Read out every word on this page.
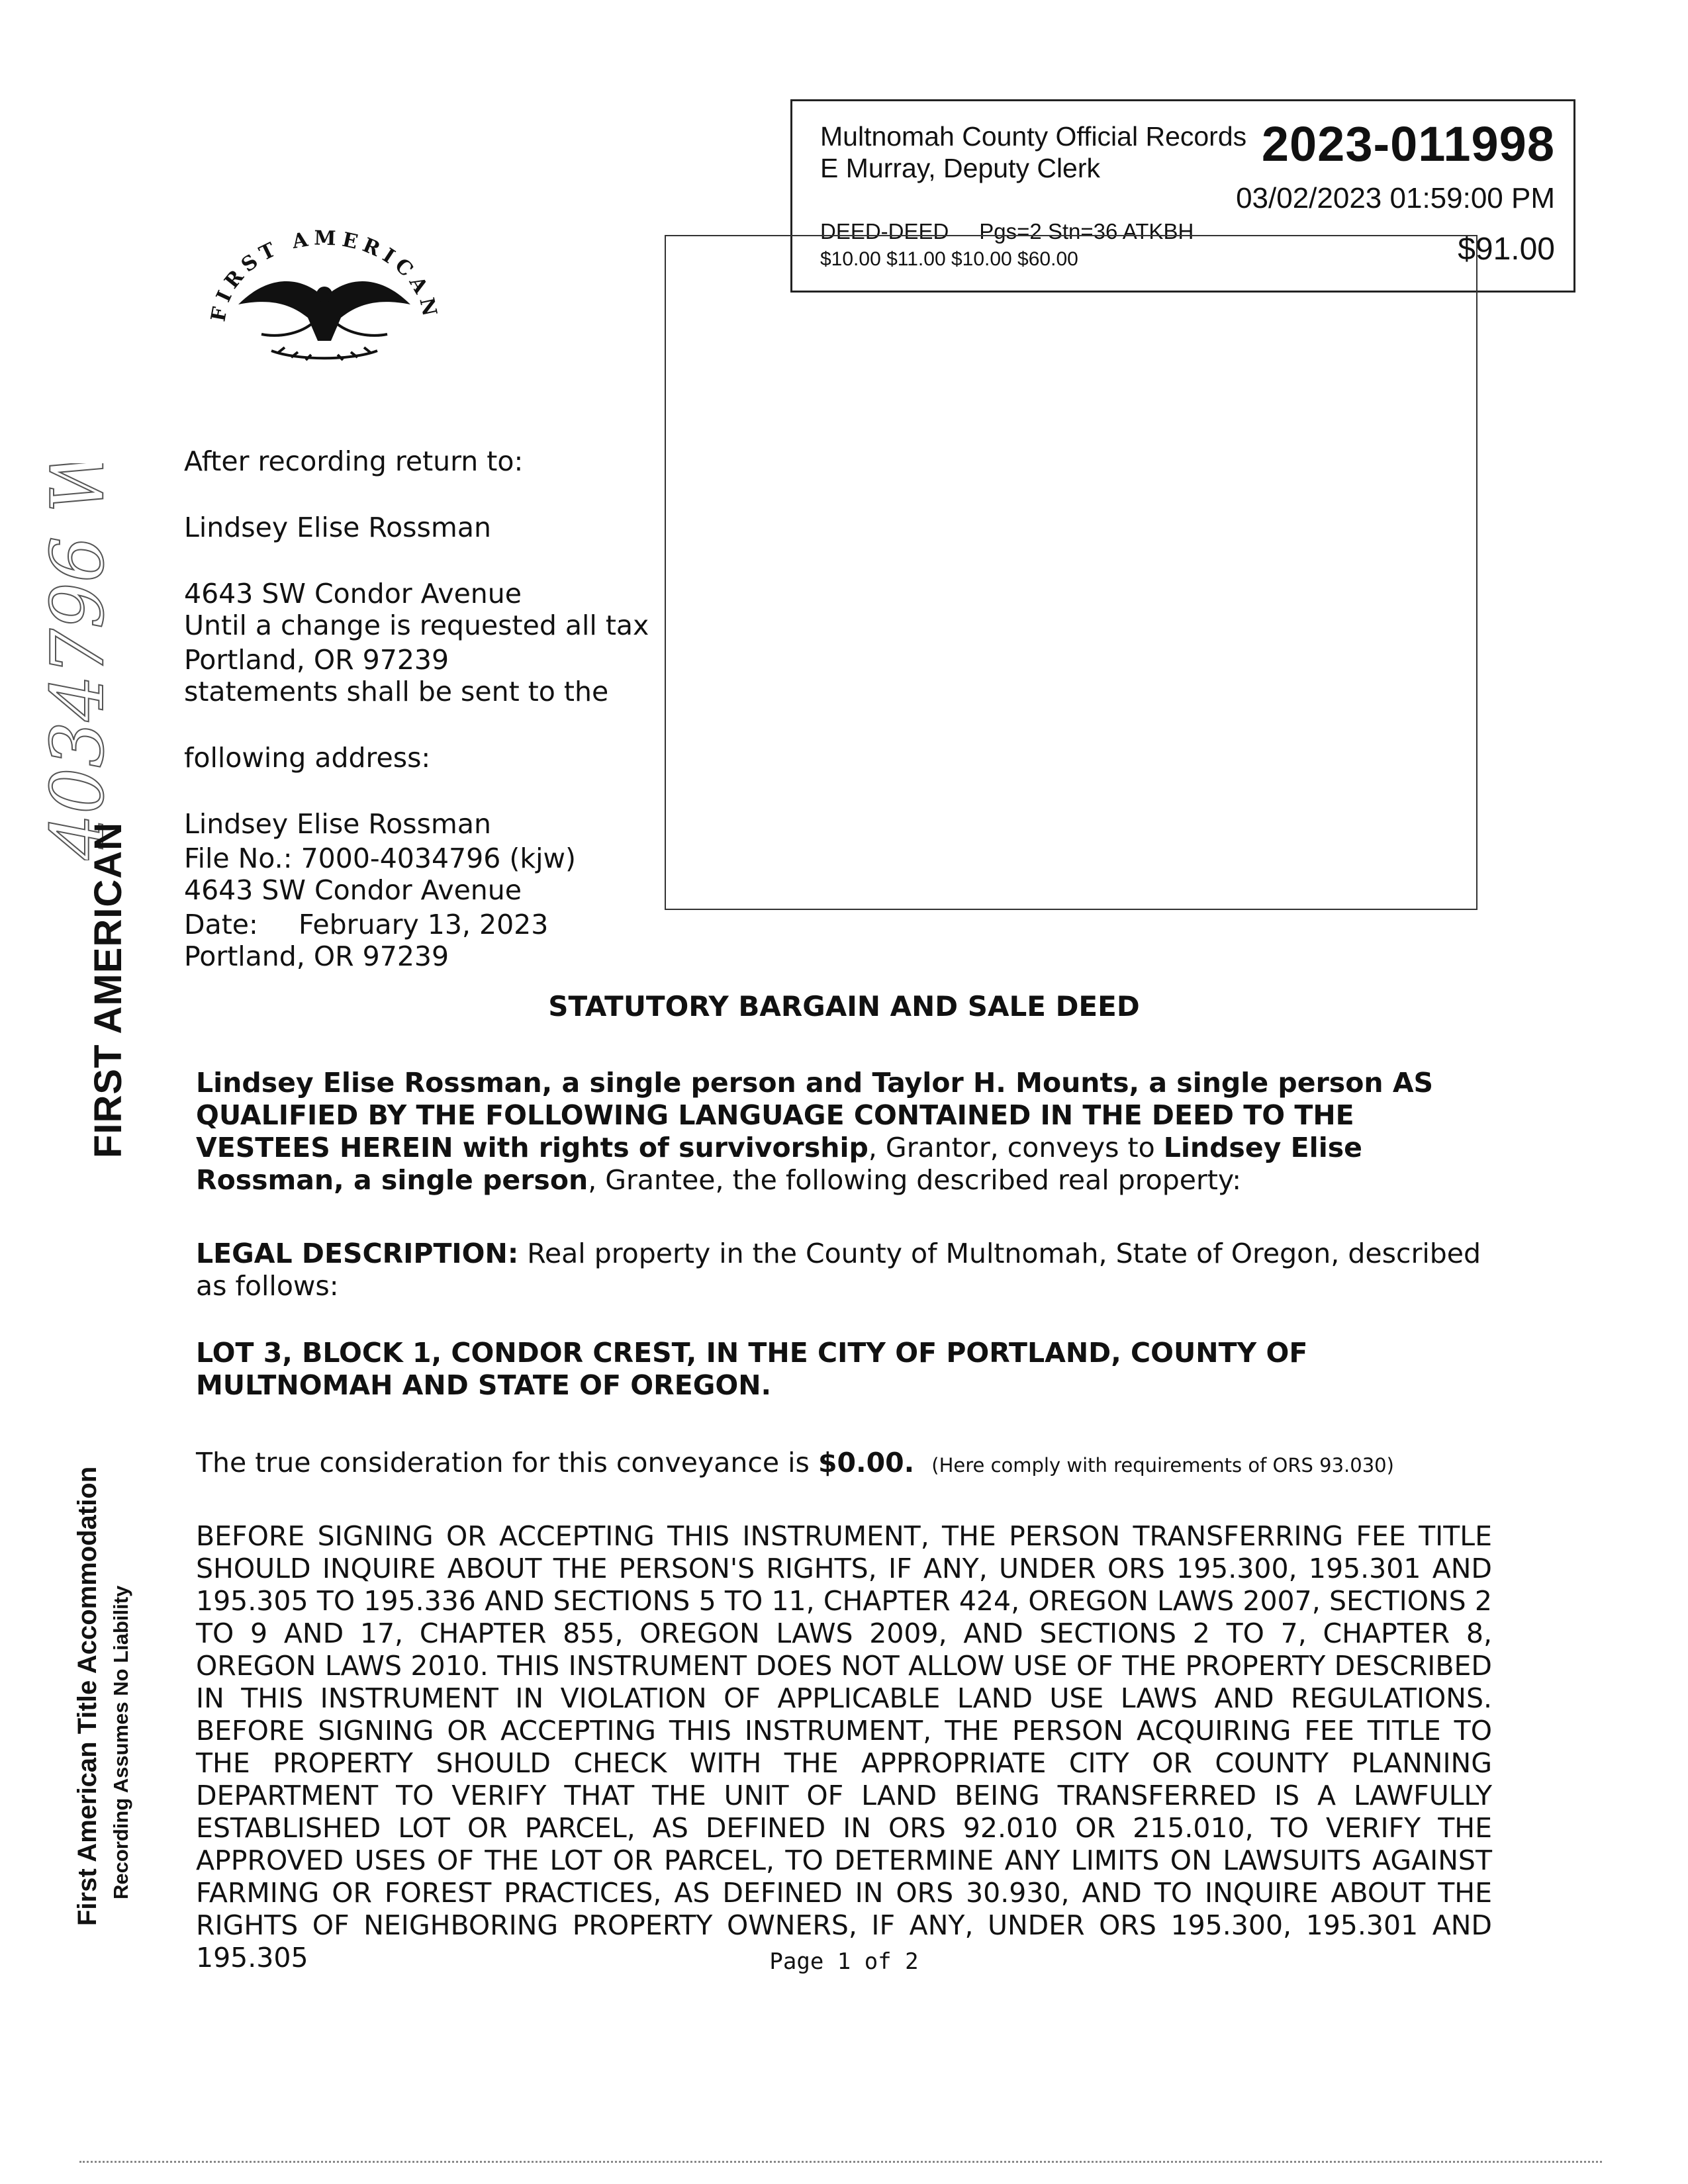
Multnomah County Official Records
E Murray, Deputy Clerk	2023-011998
03/02/2023 01:59:00 PM
DEED-DEED     Pgs=2 Stn=36 ATKBH
$10.00 $11.00 $10.00 $60.00	$91.00
FIRST AMERICAN
4034796 W
FIRST AMERICAN
First American Title Accommodation Recording Assumes No Liability

After recording return to:

Lindsey Elise Rossman

4643 SW Condor Avenue

Portland, OR 97239

Until a change is requested all tax

statements shall be sent to the

following address:

Lindsey Elise Rossman

4643 SW Condor Avenue

Portland, OR 97239

File No.: 7000-4034796 (kjw)

Date: February 13, 2023

STATUTORY BARGAIN AND SALE DEED
Lindsey Elise Rossman, a single person and Taylor H. Mounts, a single person AS QUALIFIED BY THE FOLLOWING LANGUAGE CONTAINED IN THE DEED TO THE VESTEES HEREIN with rights of survivorship, Grantor, conveys to Lindsey Elise Rossman, a single person, Grantee, the following described real property:
LEGAL DESCRIPTION: Real property in the County of Multnomah, State of Oregon, described as follows:
LOT 3, BLOCK 1, CONDOR CREST, IN THE CITY OF PORTLAND, COUNTY OF MULTNOMAH AND STATE OF OREGON.
The true consideration for this conveyance is $0.00. (Here comply with requirements of ORS 93.030)
BEFORE SIGNING OR ACCEPTING THIS INSTRUMENT, THE PERSON TRANSFERRING FEE TITLE SHOULD INQUIRE ABOUT THE PERSON'S RIGHTS, IF ANY, UNDER ORS 195.300, 195.301 AND 195.305 TO 195.336 AND SECTIONS 5 TO 11, CHAPTER 424, OREGON LAWS 2007, SECTIONS 2 TO 9 AND 17, CHAPTER 855, OREGON LAWS 2009, AND SECTIONS 2 TO 7, CHAPTER 8, OREGON LAWS 2010. THIS INSTRUMENT DOES NOT ALLOW USE OF THE PROPERTY DESCRIBED IN THIS INSTRUMENT IN VIOLATION OF APPLICABLE LAND USE LAWS AND REGULATIONS. BEFORE SIGNING OR ACCEPTING THIS INSTRUMENT, THE PERSON ACQUIRING FEE TITLE TO THE PROPERTY SHOULD CHECK WITH THE APPROPRIATE CITY OR COUNTY PLANNING DEPARTMENT TO VERIFY THAT THE UNIT OF LAND BEING TRANSFERRED IS A LAWFULLY ESTABLISHED LOT OR PARCEL, AS DEFINED IN ORS 92.010 OR 215.010, TO VERIFY THE APPROVED USES OF THE LOT OR PARCEL, TO DETERMINE ANY LIMITS ON LAWSUITS AGAINST FARMING OR FOREST PRACTICES, AS DEFINED IN ORS 30.930, AND TO INQUIRE ABOUT THE RIGHTS OF NEIGHBORING PROPERTY OWNERS, IF ANY, UNDER ORS 195.300, 195.301 AND 195.305	Page 1 of 2
